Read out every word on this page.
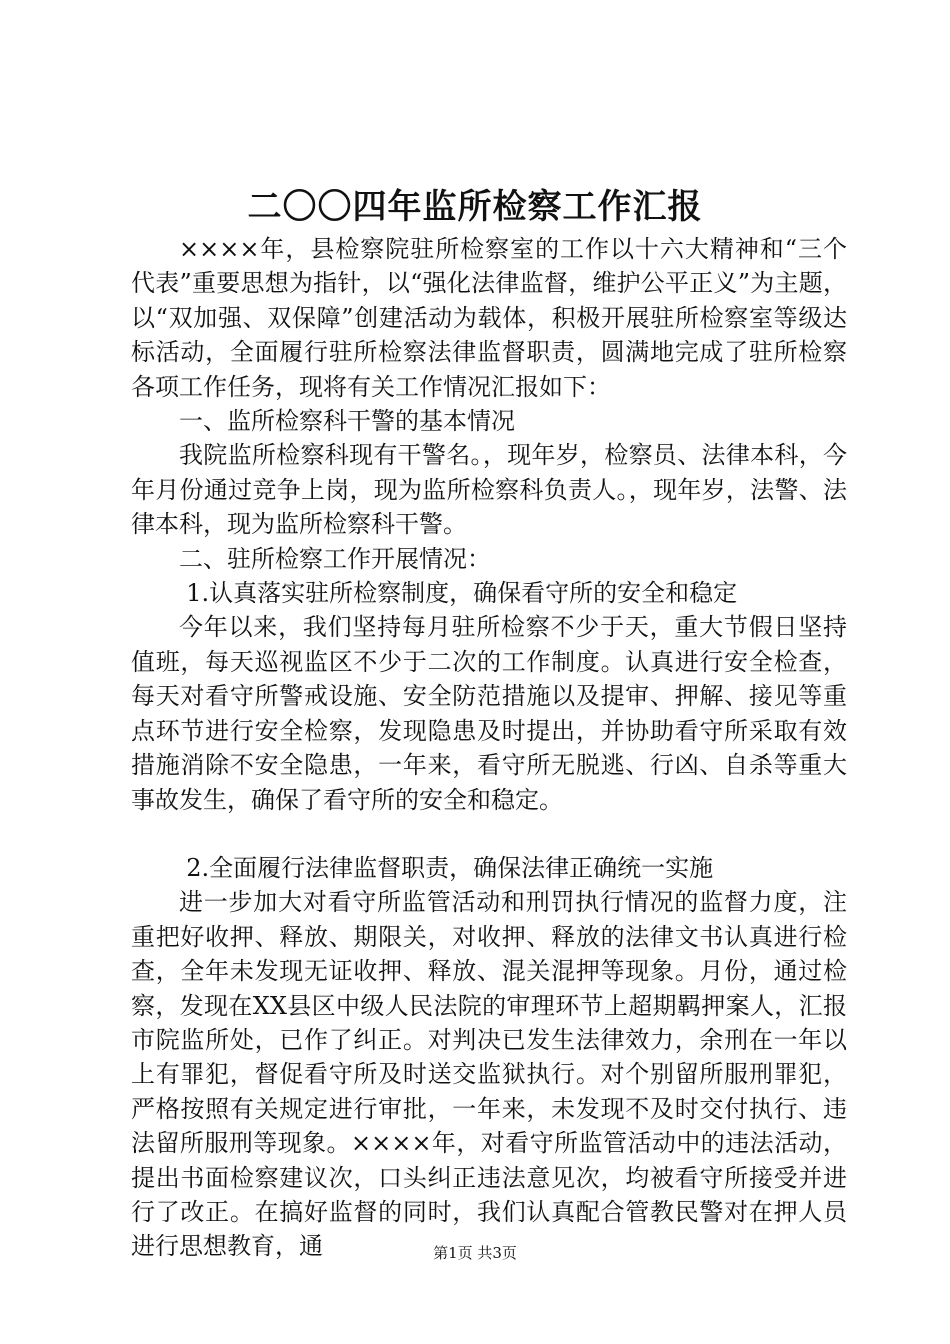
二〇〇四年监所检察工作汇报

××××年，县检察院驻所检察室的工作以十六大精神和“三个代表”重要思想为指针，以“强化法律监督，维护公平正义”为主题，以“双加强、双保障”创建活动为载体，积极开展驻所检察室等级达标活动，全面履行驻所检察法律监督职责，圆满地完成了驻所检察各项工作任务，现将有关工作情况汇报如下：

一、监所检察科干警的基本情况

我院监所检察科现有干警名。，现年岁，检察员、法律本科，今年月份通过竞争上岗，现为监所检察科负责人。，现年岁，法警、法律本科，现为监所检察科干警。

二、驻所检察工作开展情况：

1.认真落实驻所检察制度，确保看守所的安全和稳定

今年以来，我们坚持每月驻所检察不少于天，重大节假日坚持值班，每天巡视监区不少于二次的工作制度。认真进行安全检查，每天对看守所警戒设施、安全防范措施以及提审、押解、接见等重点环节进行安全检察，发现隐患及时提出，并协助看守所采取有效措施消除不安全隐患，一年来，看守所无脱逃、行凶、自杀等重大事故发生，确保了看守所的安全和稳定。

2.全面履行法律监督职责，确保法律正确统一实施

进一步加大对看守所监管活动和刑罚执行情况的监督力度，注重把好收押、释放、期限关，对收押、释放的法律文书认真进行检查，全年未发现无证收押、释放、混关混押等现象。月份，通过检察，发现在XX县区中级人民法院的审理环节上超期羁押案人，汇报市院监所处，已作了纠正。对判决已发生法律效力，余刑在一年以上有罪犯，督促看守所及时送交监狱执行。对个别留所服刑罪犯，严格按照有关规定进行审批，一年来，未发现不及时交付执行、违法留所服刑等现象。××××年，对看守所监管活动中的违法活动，提出书面检察建议次，口头纠正违法意见次，均被看守所接受并进行了改正。在搞好监督的同时，我们认真配合管教民警对在押人员进行思想教育，通	第1页 共3页
